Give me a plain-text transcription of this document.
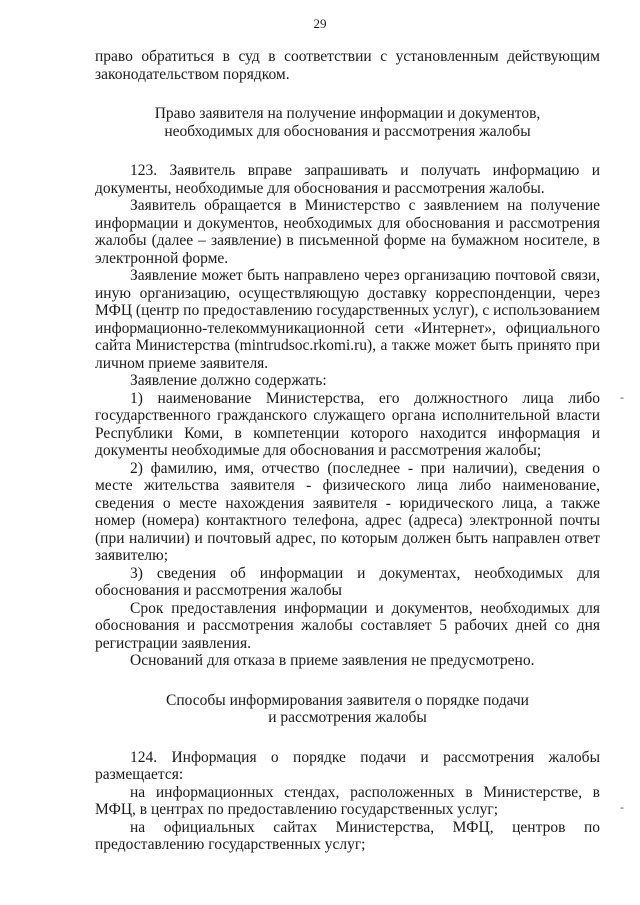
29

право обратиться в суд в соответствии с установленным действующим законодательством порядком.

Право заявителя на получение информации и документов,

необходимых для обоснования и рассмотрения жалобы

123. Заявитель вправе запрашивать и получать информацию и документы, необходимые для обоснования и рассмотрения жалобы.

Заявитель обращается в Министерство с заявлением на получение информации и документов, необходимых для обоснования и рассмотрения жалобы (далее – заявление) в письменной форме на бумажном носителе, в электронной форме.

Заявление может быть направлено через организацию почтовой связи, иную организацию, осуществляющую доставку корреспонденции, через МФЦ (центр по предоставлению государственных услуг), с использованием информационно-телекоммуникационной сети «Интернет», официального сайта Министерства (mintrudsoc.rkomi.ru), а также может быть принято при личном приеме заявителя.

Заявление должно содержать:

1) наименование Министерства, его должностного лица либо государственного гражданского служащего органа исполнительной власти Республики Коми, в компетенции которого находится информация и документы необходимые для обоснования и рассмотрения жалобы;

2) фамилию, имя, отчество (последнее - при наличии), сведения о месте жительства заявителя - физического лица либо наименование, сведения о месте нахождения заявителя - юридического лица, а также номер (номера) контактного телефона, адрес (адреса) электронной почты (при наличии) и почтовый адрес, по которым должен быть направлен ответ заявителю;

3) сведения об информации и документах, необходимых для обоснования и рассмотрения жалобы

Срок предоставления информации и документов, необходимых для обоснования и рассмотрения жалобы составляет 5 рабочих дней со дня регистрации заявления.

Оснований для отказа в приеме заявления не предусмотрено.

Способы информирования заявителя о порядке подачи

и рассмотрения жалобы

124. Информация о порядке подачи и рассмотрения жалобы размещается:

на информационных стендах, расположенных в Министерстве, в МФЦ, в центрах по предоставлению государственных услуг;

на официальных сайтах Министерства, МФЦ, центров по предоставлению государственных услуг;

-
-
